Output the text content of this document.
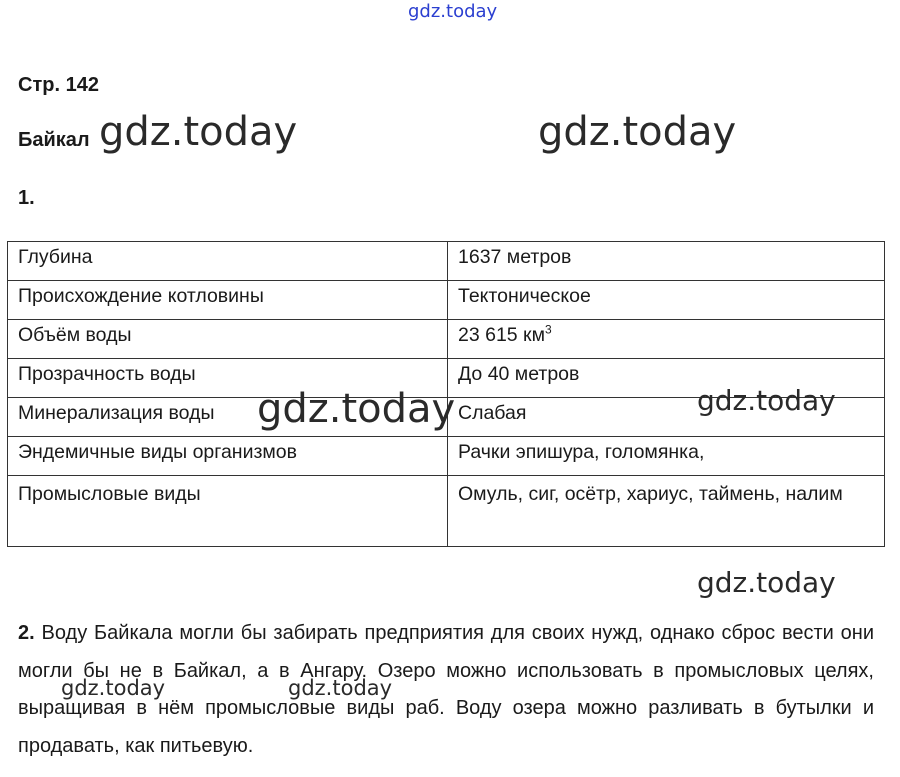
Стр. 142
Байкал
1.
Глубина	1637 метров
Происхождение котловины	Тектоническое
Объём воды	23 615 $км^3$
Прозрачность воды	До 40 метров
Минерализация воды	Слабая
Эндемичные виды организмов	Рачки эпишура, голомянка,
Промысловые виды	Омуль, сиг, осётр, хариус, таймень, налим

2. Воду Байкала могли бы забирать предприятия для своих нужд, однако сброс вести они могли бы не в Байкал, а в Ангару. Озеро можно использовать в промысловых целях, выращивая в нём промысловые виды раб. Воду озера можно разливать в бутылки и продавать, как питьевую.

gdz.today
gdz.today	gdz.today
gdz.today	gdz.today
gdz.today
gdz.today	gdz.today
